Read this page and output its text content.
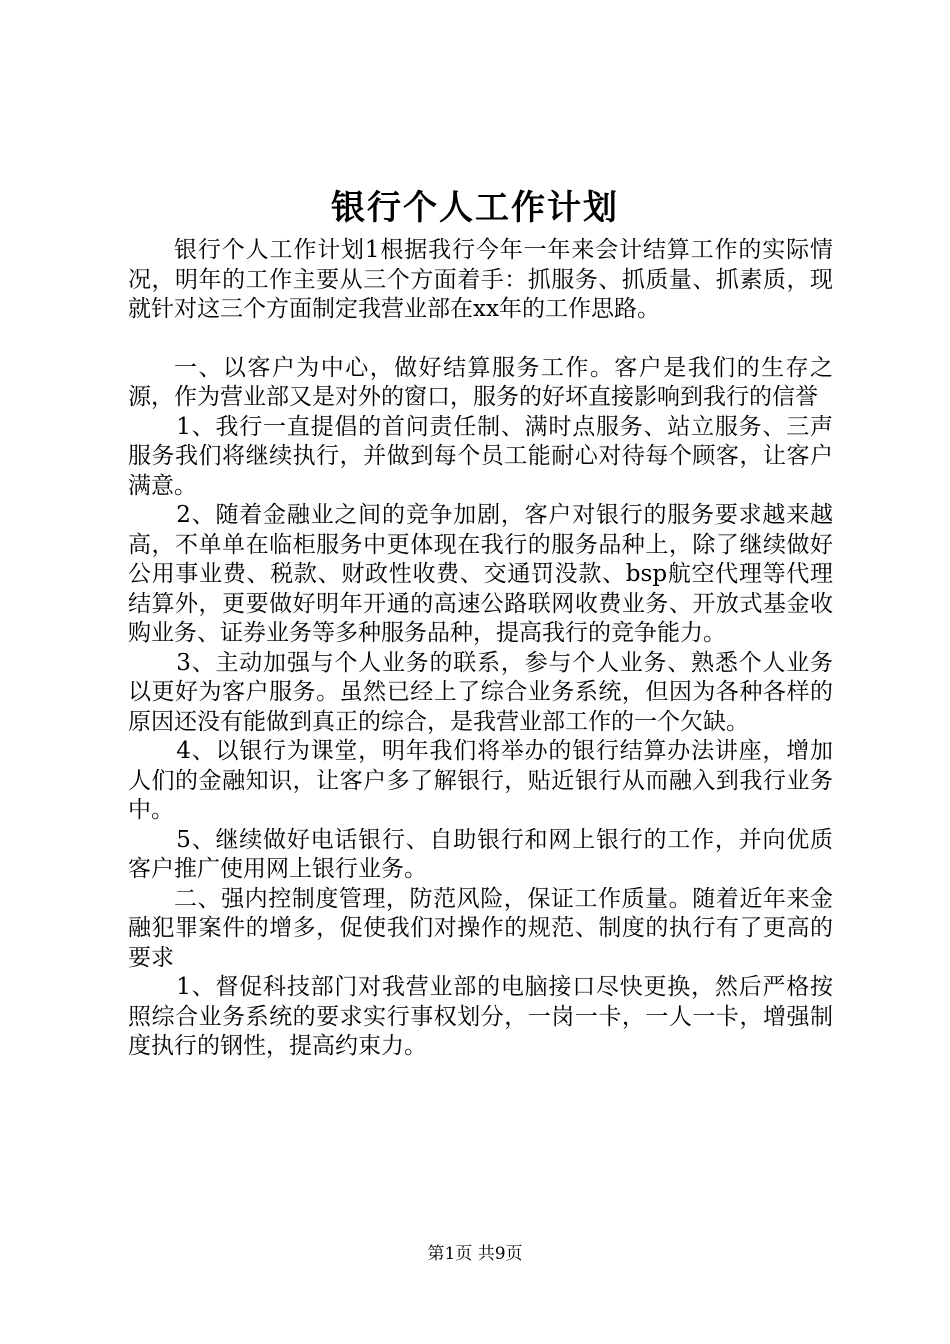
银行个人工作计划

银行个人工作计划1根据我行今年一年来会计结算工作的实际情况，明年的工作主要从三个方面着手：抓服务、抓质量、抓素质，现就针对这三个方面制定我营业部在xx年的工作思路。

一、以客户为中心，做好结算服务工作。客户是我们的生存之源，作为营业部又是对外的窗口，服务的好坏直接影响到我行的信誉

1、我行一直提倡的首问责任制、满时点服务、站立服务、三声服务我们将继续执行，并做到每个员工能耐心对待每个顾客，让客户满意。

2、随着金融业之间的竞争加剧，客户对银行的服务要求越来越高，不单单在临柜服务中更体现在我行的服务品种上，除了继续做好公用事业费、税款、财政性收费、交通罚没款、bsp航空代理等代理结算外，更要做好明年开通的高速公路联网收费业务、开放式基金收购业务、证券业务等多种服务品种，提高我行的竞争能力。

3、主动加强与个人业务的联系，参与个人业务、熟悉个人业务以更好为客户服务。虽然已经上了综合业务系统，但因为各种各样的原因还没有能做到真正的综合，是我营业部工作的一个欠缺。

4、以银行为课堂，明年我们将举办的银行结算办法讲座，增加人们的金融知识，让客户多了解银行，贴近银行从而融入到我行业务中。

5、继续做好电话银行、自助银行和网上银行的工作，并向优质客户推广使用网上银行业务。

二、强内控制度管理，防范风险，保证工作质量。随着近年来金融犯罪案件的增多，促使我们对操作的规范、制度的执行有了更高的要求

1、督促科技部门对我营业部的电脑接口尽快更换，然后严格按照综合业务系统的要求实行事权划分，一岗一卡，一人一卡，增强制度执行的钢性，提高约束力。

第1页 共9页
